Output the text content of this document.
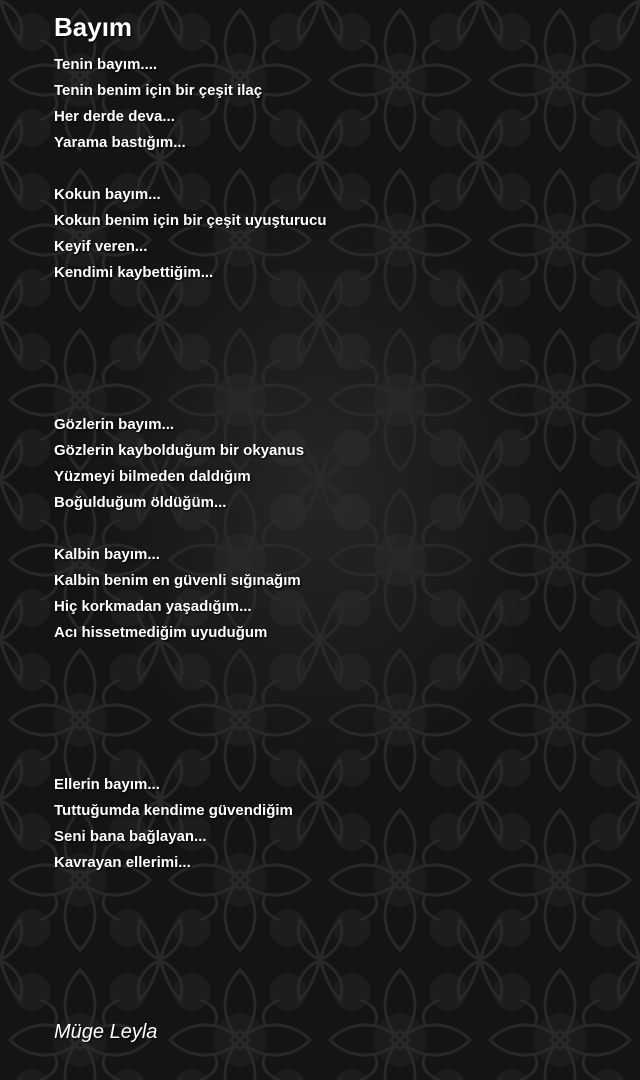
Bayım
Tenin bayım....
Tenin benim için bir çeşit ilaç
Her derde deva...
Yarama bastığım...
Kokun bayım...
Kokun benim için bir çeşit uyuşturucu
Keyif veren...
Kendimi kaybettiğim...
Gözlerin bayım...
Gözlerin kaybolduğum bir okyanus
Yüzmeyi bilmeden daldığım
Boğulduğum öldüğüm...
Kalbin bayım...
Kalbin benim en güvenli sığınağım
Hiç korkmadan yaşadığım...
Acı hissetmediğim uyuduğum
Ellerin bayım...
Tuttuğumda kendime güvendiğim
Seni bana bağlayan...
Kavrayan ellerimi...
Müge Leyla
